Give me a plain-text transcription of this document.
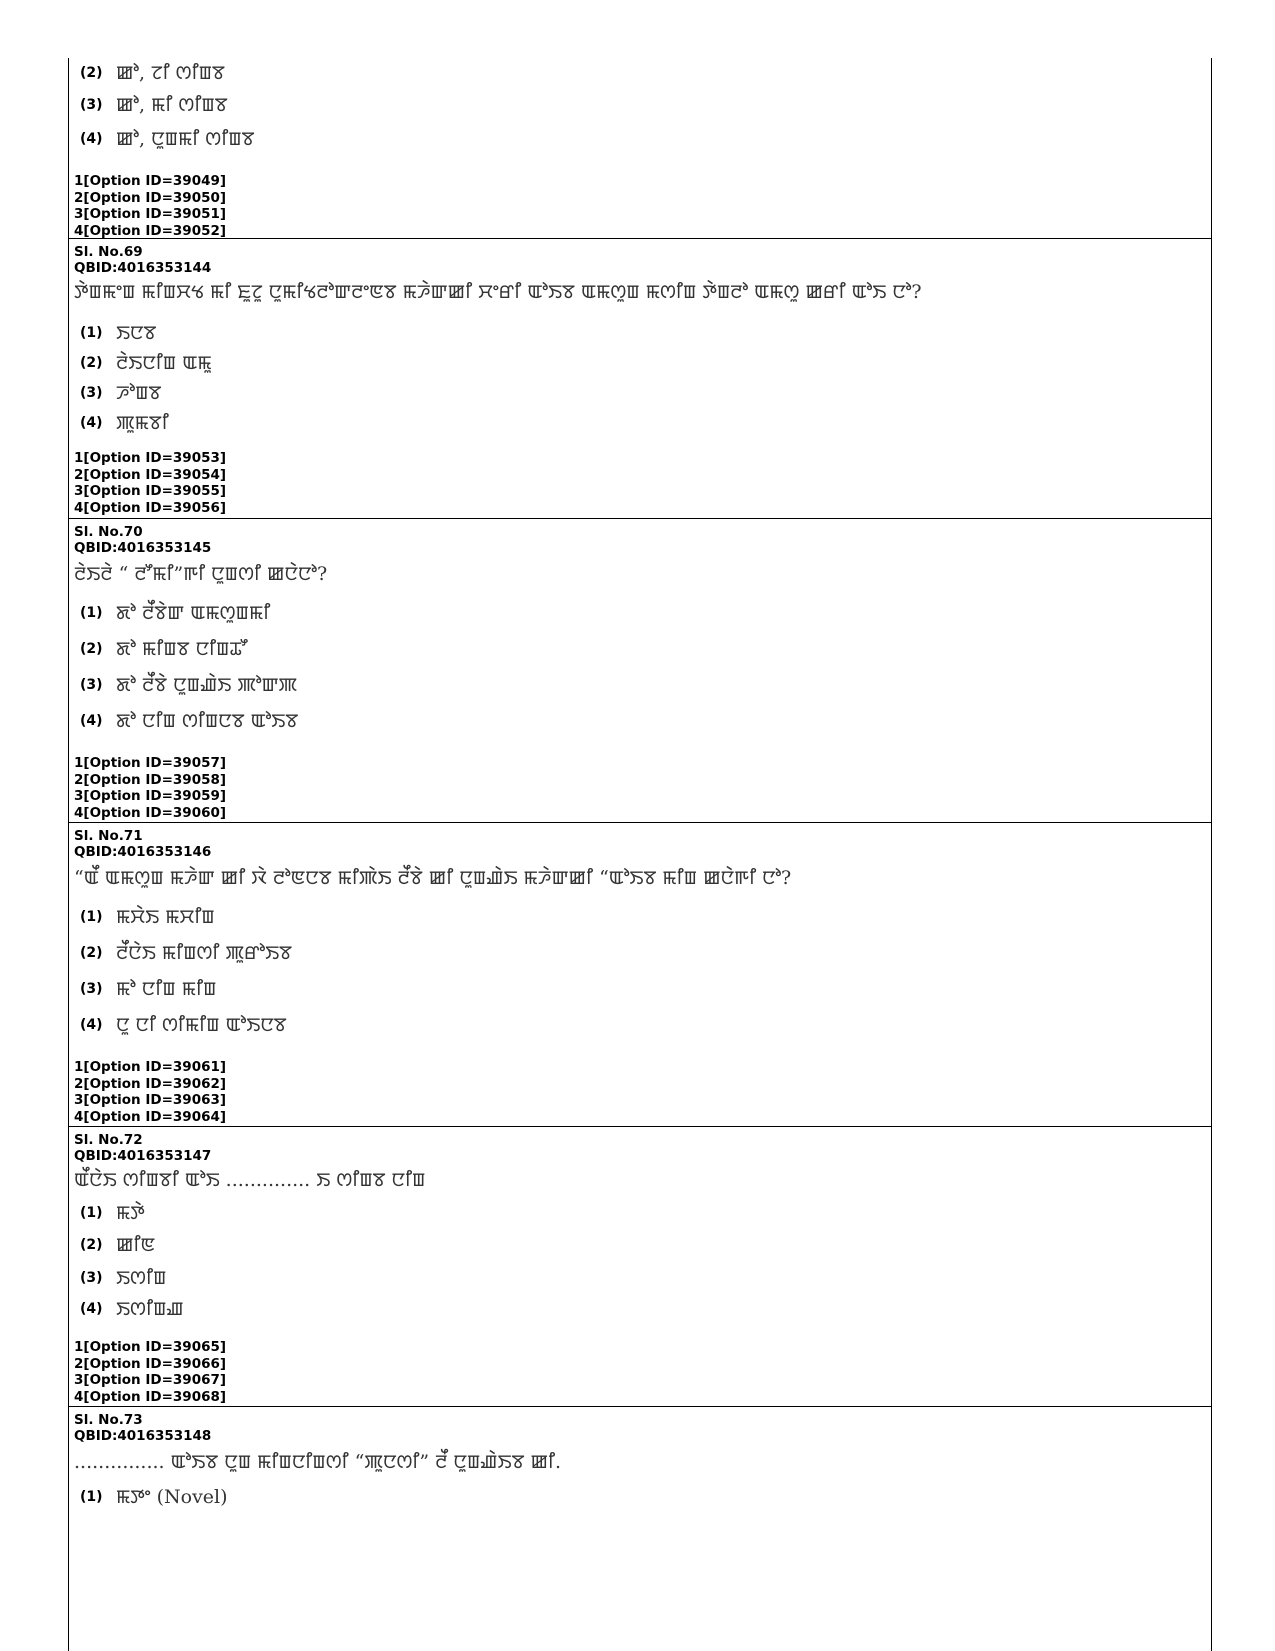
(2) ꯀꯣ, ꯖꯤ ꯁꯤꯡꯕ
(3) ꯀꯣ, ꯃꯤ ꯁꯤꯡꯕ
(4) ꯀꯣ, ꯅꯨꯡꯃꯤ ꯁꯤꯡꯕ
1[Option ID=39049]
2[Option ID=39050]
3[Option ID=39051]
4[Option ID=39052]
Sl. No.69
QBID:4016353144
ꯇꯥꯡꯃꯦꯡ ꯃꯤꯡꯆꯠ ꯃꯤ ꯐꯨꯖꯨ ꯅꯨꯃꯤꯠꯂꯣꯛꯂꯦꯟꯕ ꯃꯍꯥꯛꯀꯤ ꯆꯦꯔꯤ ꯑꯣꯏꯕ ꯑꯃꯁꯨꯡ ꯃꯁꯤꯡ ꯇꯥꯡꯂꯣ ꯑꯃꯁꯨ ꯀꯔꯤ ꯑꯣꯏ ꯅꯣ?
(1) ꯏꯅꯕ
(2) ꯂꯥꯏꯅꯤꯡ ꯑꯃꯨ
(3) ꯍꯣꯡꯕ
(4) ꯄꯨꯃꯕꯤ
1[Option ID=39053]
2[Option ID=39054]
3[Option ID=39055]
4[Option ID=39056]
Sl. No.70
QBID:4016353145
ꯂꯥꯏꯂꯥ “ ꯂꯧꯃꯤ”ꯒꯤ ꯅꯨꯡꯁꯤ ꯀꯅꯥꯅꯣ?
(1) ꯗꯣ ꯂꯩꯕꯥꯛ ꯑꯃꯁꯨꯡꯃꯤ
(2) ꯗꯣ ꯃꯤꯡꯕ ꯅꯤꯡꯊꯧ
(3) ꯗꯣ ꯂꯩꯕꯥ ꯅꯨꯡꯉꯥꯏ ꯄꯣꯛꯄ
(4) ꯗꯣ ꯅꯤꯡ ꯁꯤꯡꯅꯕ ꯑꯣꯏꯕ
1[Option ID=39057]
2[Option ID=39058]
3[Option ID=39059]
4[Option ID=39060]
Sl. No.71
QBID:4016353146
“ꯑꯩ ꯑꯃꯁꯨꯡ ꯃꯍꯥꯛ ꯀꯤ ꯋꯥ ꯂꯣꯟꯅꯕ ꯃꯤꯄꯥꯏ ꯂꯩꯕꯥ ꯀꯤ ꯅꯨꯡꯉꯥꯏ ꯃꯍꯥꯛꯀꯤ “ꯑꯣꯏꯕ ꯃꯤꯡ ꯀꯅꯥꯒꯤ ꯅꯣ?
(1) ꯃꯆꯥꯏ ꯃꯆꯤꯡ
(2) ꯂꯩꯅꯥꯏ ꯃꯤꯡꯁꯤ ꯄꯨꯔꯣꯏꯕ
(3) ꯃꯣ ꯅꯤꯡ ꯃꯤꯡ
(4) ꯅꯨ ꯅꯤ ꯁꯤꯃꯤꯡ ꯑꯣꯏꯅꯕ
1[Option ID=39061]
2[Option ID=39062]
3[Option ID=39063]
4[Option ID=39064]
Sl. No.72
QBID:4016353147
ꯑꯩꯅꯥꯏ ꯁꯤꯡꯕꯤ ꯑꯣꯏ .............. ꯏ ꯁꯤꯡꯕ ꯅꯤꯡ
(1) ꯃꯇꯥ
(2) ꯀꯤꯟ
(3) ꯏꯁꯤꯡ
(4) ꯏꯁꯤꯡꯉ
1[Option ID=39065]
2[Option ID=39066]
3[Option ID=39067]
4[Option ID=39068]
Sl. No.73
QBID:4016353148
............... ꯑꯣꯏꯕ ꯅꯨꯡ ꯃꯤꯡꯅꯤꯡꯁꯤ “ꯄꯨꯅꯁꯤ” ꯂꯩ ꯅꯨꯡꯉꯥꯏꯕ ꯀꯤ.
(1) ꯃꯇꯦ (Novel)
